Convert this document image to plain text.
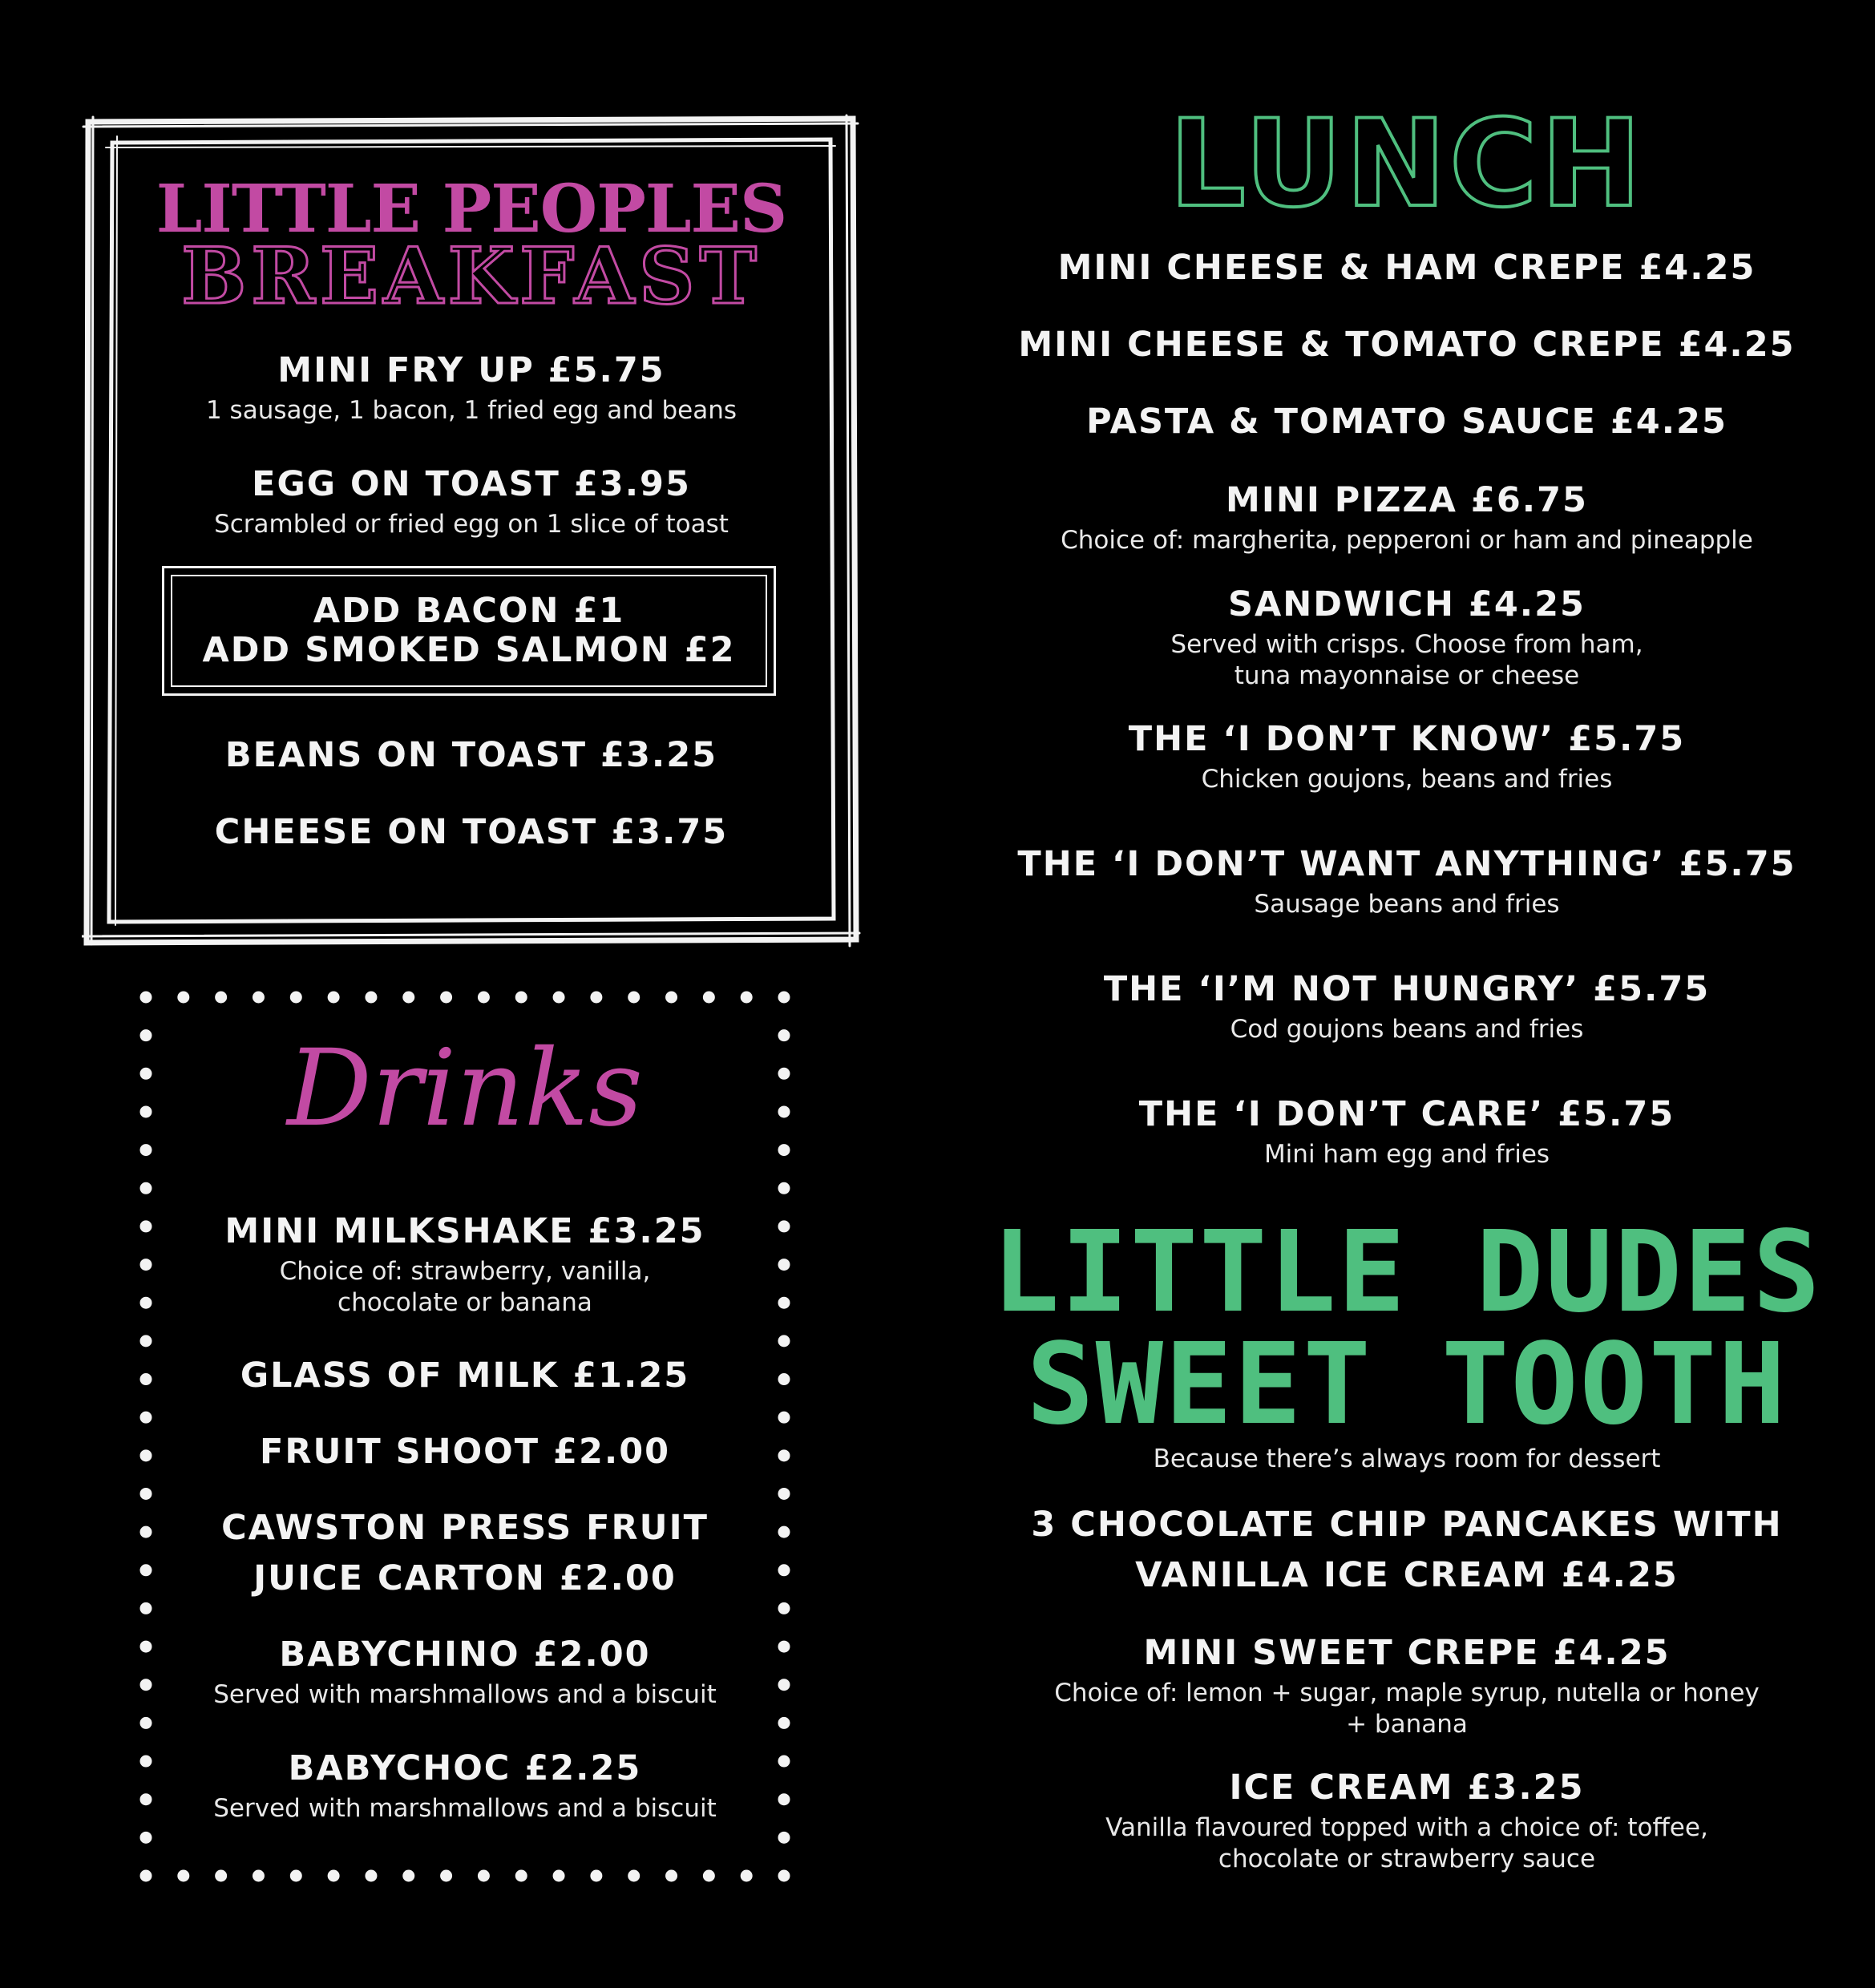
LITTLE PEOPLES
BREAKFAST
MINI FRY UP £5.75
1 sausage, 1 bacon, 1 fried egg and beans
EGG ON TOAST £3.95
Scrambled or fried egg on 1 slice of toast
ADD BACON £1
ADD SMOKED SALMON £2
BEANS ON TOAST £3.25
CHEESE ON TOAST £3.75
Drinks
MINI MILKSHAKE £3.25
Choice of: strawberry, vanilla,
chocolate or banana
GLASS OF MILK £1.25
FRUIT SHOOT £2.00
CAWSTON PRESS FRUIT
JUICE CARTON £2.00
BABYCHINO £2.00
Served with marshmallows and a biscuit
BABYCHOC £2.25
Served with marshmallows and a biscuit
LUNCH
MINI CHEESE & HAM CREPE £4.25
MINI CHEESE & TOMATO CREPE £4.25
PASTA & TOMATO SAUCE £4.25
MINI PIZZA £6.75
Choice of: margherita, pepperoni or ham and pineapple
SANDWICH £4.25
Served with crisps. Choose from ham,
tuna mayonnaise or cheese
THE ‘I DON’T KNOW’ £5.75
Chicken goujons, beans and fries
THE ‘I DON’T WANT ANYTHING’ £5.75
Sausage beans and fries
THE ‘I’M NOT HUNGRY’ £5.75
Cod goujons beans and fries
THE ‘I DON’T CARE’ £5.75
Mini ham egg and fries
LITTLE DUDES
SWEET TOOTH
Because there’s always room for dessert
3 CHOCOLATE CHIP PANCAKES WITH
VANILLA ICE CREAM £4.25
MINI SWEET CREPE £4.25
Choice of: lemon + sugar, maple syrup, nutella or honey
+ banana
ICE CREAM £3.25
Vanilla flavoured topped with a choice of: toffee,
chocolate or strawberry sauce
